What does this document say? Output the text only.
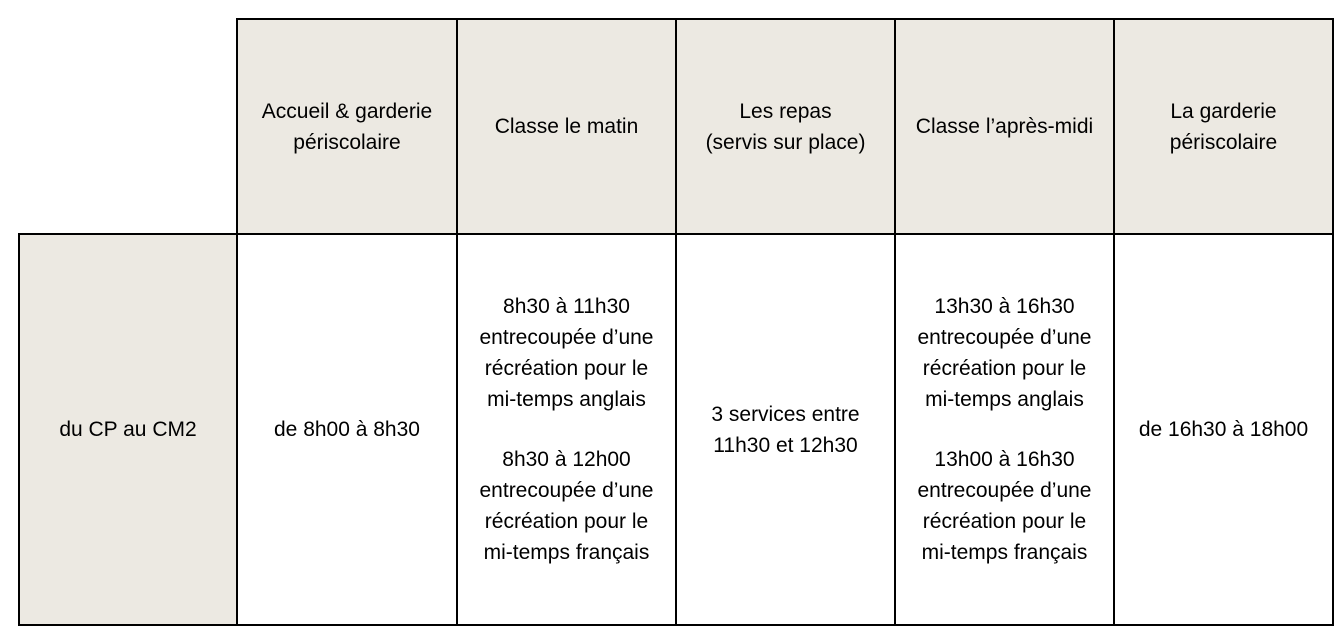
Accueil & garderie
périscolaire
Classe le matin
Les repas
(servis sur place)
Classe l’après-midi
La garderie
périscolaire
du CP au CM2	de 8h00 à 8h30
8h30 à 11h30
entrecoupée d’une
récréation pour le
mi-temps anglais
8h30 à 12h00
entrecoupée d’une
récréation pour le
mi-temps français
3 services entre
11h30 et 12h30
13h30 à 16h30
entrecoupée d’une
récréation pour le
mi-temps anglais
13h00 à 16h30
entrecoupée d’une
récréation pour le
mi-temps français
de 16h30 à 18h00
